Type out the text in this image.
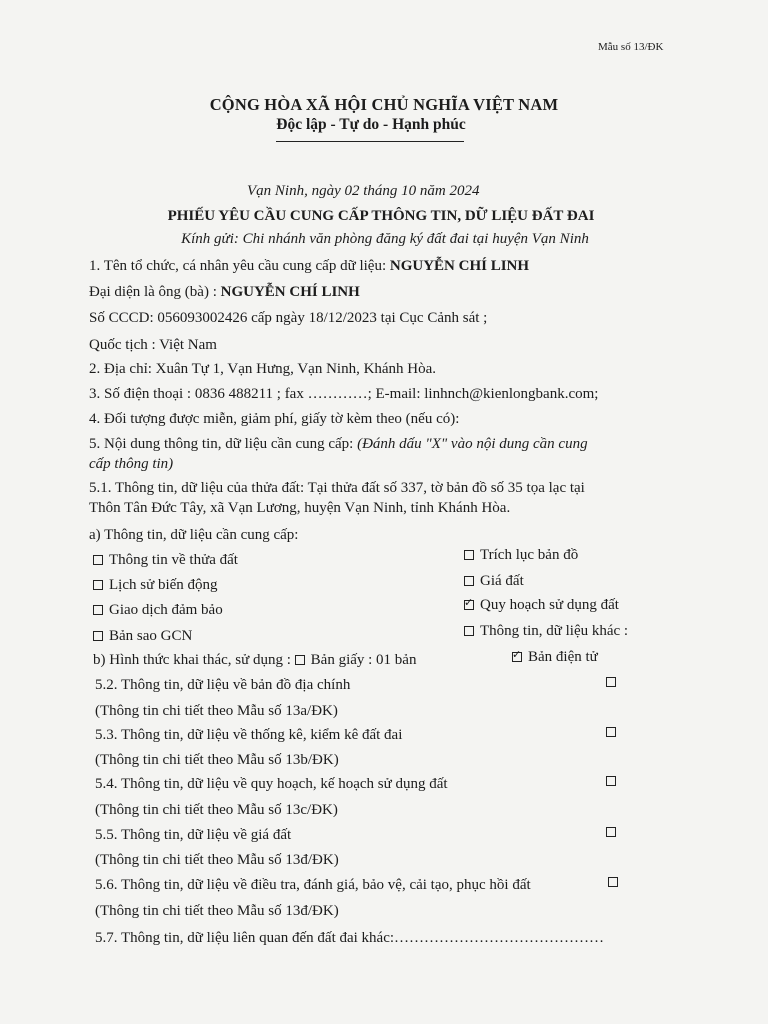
Mẫu số 13/ĐK
CỘNG HÒA XÃ HỘI CHỦ NGHĨA VIỆT NAM
Độc lập - Tự do - Hạnh phúc
Vạn Ninh, ngày 02 tháng 10 năm 2024
PHIẾU YÊU CẦU CUNG CẤP THÔNG TIN, DỮ LIỆU ĐẤT ĐAI
Kính gửi: Chi nhánh văn phòng đăng ký đất đai tại huyện Vạn Ninh
1. Tên tổ chức, cá nhân yêu cầu cung cấp dữ liệu: NGUYỄN CHÍ LINH
Đại diện là ông (bà) : NGUYỄN CHÍ LINH
Số CCCD: 056093002426 cấp ngày 18/12/2023 tại Cục Cảnh sát ;
Quốc tịch : Việt Nam
2. Địa chỉ: Xuân Tự 1, Vạn Hưng, Vạn Ninh, Khánh Hòa.
3. Số điện thoại : 0836 488211 ; fax …………; E-mail: linhnch@kienlongbank.com;
4. Đối tượng được miễn, giảm phí, giấy tờ kèm theo (nếu có):
5. Nội dung thông tin, dữ liệu cần cung cấp: (Đánh dấu "X" vào nội dung cần cung
cấp thông tin)
5.1. Thông tin, dữ liệu của thửa đất: Tại thửa đất số 337, tờ bản đồ số 35 tọa lạc tại
Thôn Tân Đức Tây, xã Vạn Lương, huyện Vạn Ninh, tỉnh Khánh Hòa.
a) Thông tin, dữ liệu cần cung cấp:
Thông tin về thửa đất
Lịch sử biến động
Giao dịch đảm bảo
Bản sao GCN
Trích lục bản đồ
Giá đất
✓ Quy hoạch sử dụng đất
Thông tin, dữ liệu khác :
b) Hình thức khai thác, sử dụng : Bản giấy : 01 bản	✓ Bản điện tử
5.2. Thông tin, dữ liệu về bản đồ địa chính
(Thông tin chi tiết theo Mẫu số 13a/ĐK)
5.3. Thông tin, dữ liệu về thống kê, kiểm kê đất đai
(Thông tin chi tiết theo Mẫu số 13b/ĐK)
5.4. Thông tin, dữ liệu về quy hoạch, kế hoạch sử dụng đất
(Thông tin chi tiết theo Mẫu số 13c/ĐK)
5.5. Thông tin, dữ liệu về giá đất
(Thông tin chi tiết theo Mẫu số 13đ/ĐK)
5.6. Thông tin, dữ liệu về điều tra, đánh giá, bảo vệ, cải tạo, phục hồi đất
(Thông tin chi tiết theo Mẫu số 13đ/ĐK)
5.7. Thông tin, dữ liệu liên quan đến đất đai khác:……………………………………
